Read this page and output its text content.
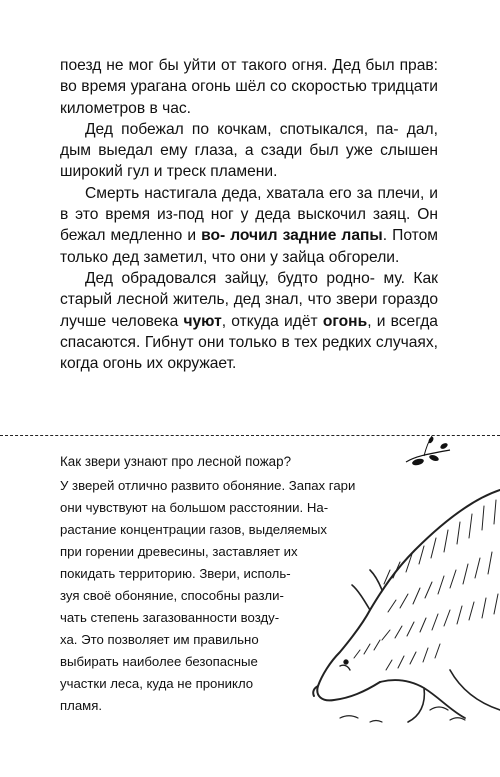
поезд не мог бы уйти от такого огня. Дед был прав: во время урагана огонь шёл со скоростью тридцати километров в час.

Дед побежал по кочкам, спотыкался, па- дал, дым выедал ему глаза, а сзади был уже слышен широкий гул и треск пламени.

Смерть настигала деда, хватала его за плечи, и в это время из-под ног у деда выскочил заяц. Он бежал медленно и во- лочил задние лапы. Потом только дед заметил, что они у зайца обгорели.

Дед обрадовался зайцу, будто родно- му. Как старый лесной житель, дед знал, что звери гораздо лучше человека чуют, откуда идёт огонь, и всегда спасаются. Гибнут они только в тех редких случаях, когда огонь их окружает.

Как звери узнают про лесной пожар?
У зверей отлично развито обоняние. Запах гари
они чувствуют на большом расстоянии. На-
растание концентрации газов, выделяемых
при горении древесины, заставляет их
покидать территорию. Звери, исполь-
зуя своё обоняние, способны разли-
чать степень загазованности возду-
ха. Это позволяет им правильно
выбирать наиболее безопасные
участки леса, куда не проникло
пламя.
